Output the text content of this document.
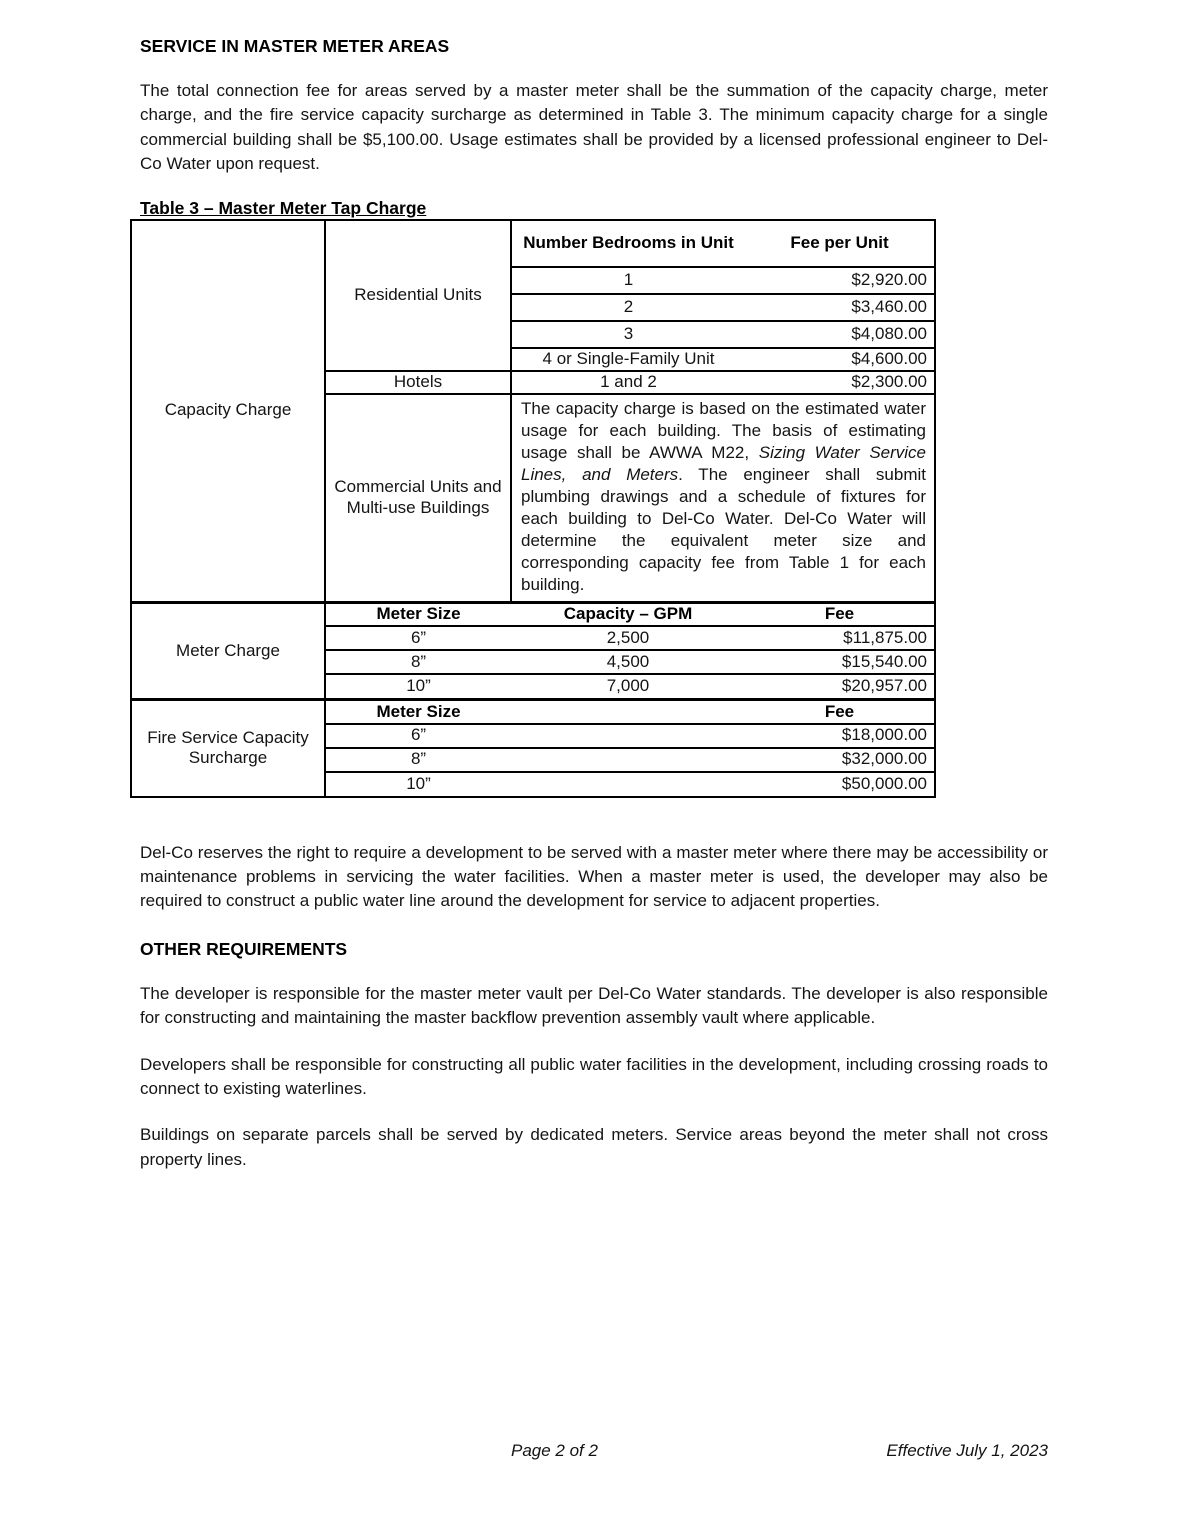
SERVICE IN MASTER METER AREAS

The total connection fee for areas served by a master meter shall be the summation of the capacity charge, meter charge, and the fire service capacity surcharge as determined in Table 3. The minimum capacity charge for a single commercial building shall be $5,100.00. Usage estimates shall be provided by a licensed professional engineer to Del-Co Water upon request.

Table 3 – Master Meter Tap Charge
Capacity Charge	Residential Units	Number Bedrooms in Unit	Fee per Unit
		1	$2,920.00
		2	$3,460.00
		3	$4,080.00
		4 or Single-Family Unit	$4,600.00
	Hotels	1 and 2	$2,300.00
	Commercial Units and Multi-use Buildings	The capacity charge is based on the estimated water usage for each building. The basis of estimating usage shall be AWWA M22, Sizing Water Service Lines, and Meters. The engineer shall submit plumbing drawings and a schedule of fixtures for each building to Del-Co Water. Del-Co Water will determine the equivalent meter size and corresponding capacity fee from Table 1 for each building.	
Meter Charge	Meter Size	Capacity – GPM	Fee
	6”	2,500	$11,875.00
	8”	4,500	$15,540.00
	10”	7,000	$20,957.00
Fire Service Capacity Surcharge	Meter Size		Fee
	6”		$18,000.00
	8”		$32,000.00
	10”		$50,000.00

Del-Co reserves the right to require a development to be served with a master meter where there may be accessibility or maintenance problems in servicing the water facilities. When a master meter is used, the developer may also be required to construct a public water line around the development for service to adjacent properties.

OTHER REQUIREMENTS

The developer is responsible for the master meter vault per Del-Co Water standards. The developer is also responsible for constructing and maintaining the master backflow prevention assembly vault where applicable.

Developers shall be responsible for constructing all public water facilities in the development, including crossing roads to connect to existing waterlines.

Buildings on separate parcels shall be served by dedicated meters. Service areas beyond the meter shall not cross property lines.

Page 2 of 2	Effective July 1, 2023
